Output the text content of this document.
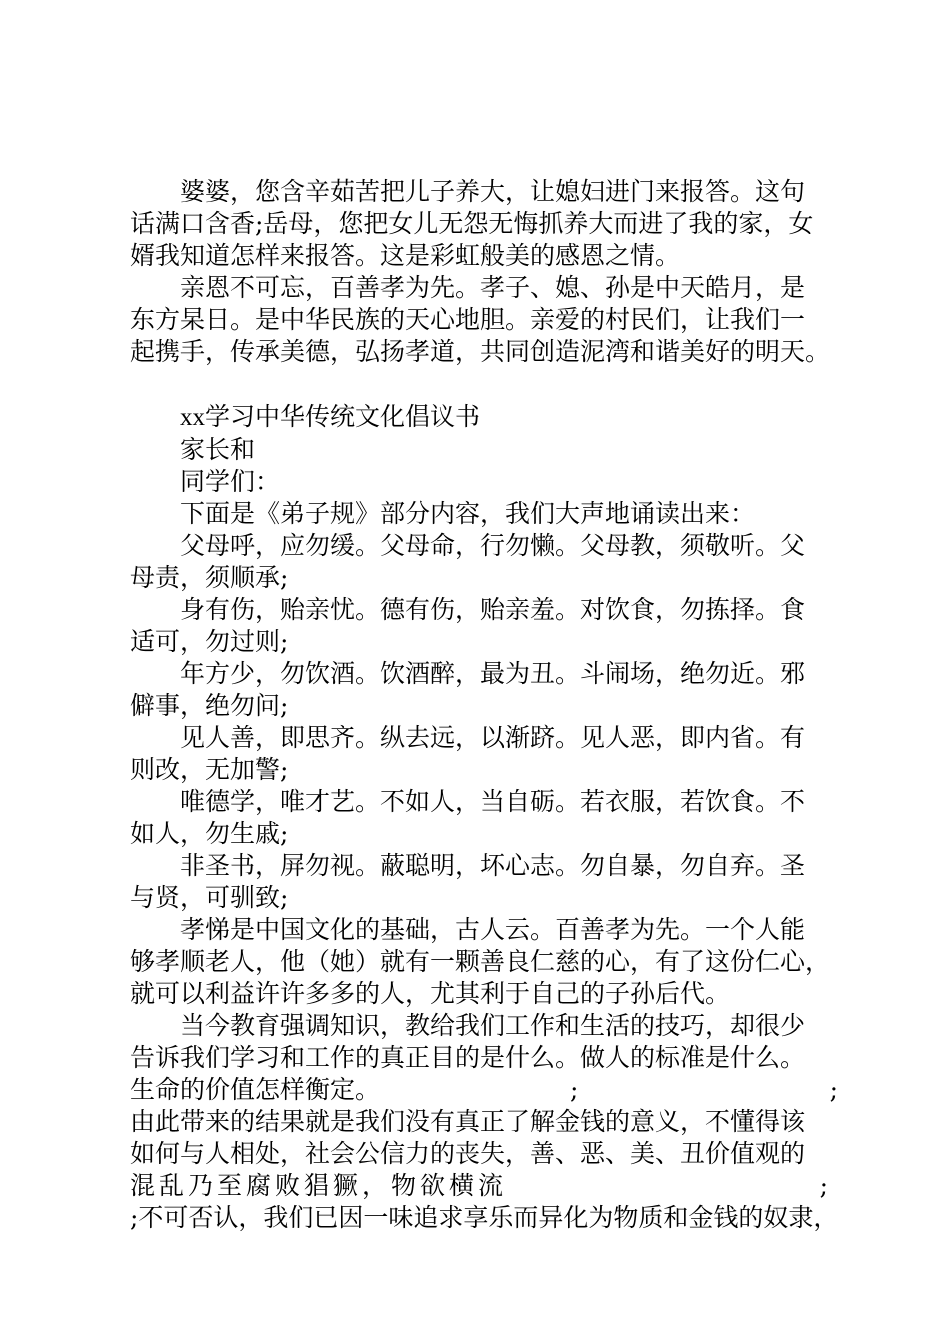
婆婆，您含辛茹苦把儿子养大，让媳妇进门来报答。这句
话满口含香;岳母，您把女儿无怨无悔抓养大而进了我的家，女
婿我知道怎样来报答。这是彩虹般美的感恩之情。
亲恩不可忘，百善孝为先。孝子、媳、孙是中天皓月，是
东方杲日。是中华民族的天心地胆。亲爱的村民们，让我们一
起携手，传承美德，弘扬孝道，共同创造泥湾和谐美好的明天。
xx学习中华传统文化倡议书
家长和
同学们：
下面是《弟子规》部分内容，我们大声地诵读出来：
父母呼，应勿缓。父母命，行勿懒。父母教，须敬听。父
母责，须顺承;
身有伤，贻亲忧。德有伤，贻亲羞。对饮食，勿拣择。食
适可，勿过则;
年方少，勿饮酒。饮酒醉，最为丑。斗闹场，绝勿近。邪
僻事，绝勿问;
见人善，即思齐。纵去远，以渐跻。见人恶，即内省。有
则改，无加警;
唯德学，唯才艺。不如人，当自砺。若衣服，若饮食。不
如人，勿生戚;
非圣书，屏勿视。蔽聪明，坏心志。勿自暴，勿自弃。圣
与贤，可驯致;
孝悌是中国文化的基础，古人云。百善孝为先。一个人能
够孝顺老人，他（她）就有一颗善良仁慈的心，有了这份仁心，
就可以利益许许多多的人，尤其利于自己的子孙后代。
当今教育强调知识，教给我们工作和生活的技巧，却很少
告诉我们学习和工作的真正目的是什么。做人的标准是什么。
生命的价值怎样衡定。	;	;
由此带来的结果就是我们没有真正了解金钱的意义，不懂得该
如何与人相处，社会公信力的丧失，善、恶、美、丑价值观的
混乱乃至腐败猖獗，物欲横流	;
;不可否认，我们已因一味追求享乐而异化为物质和金钱的奴隶，
